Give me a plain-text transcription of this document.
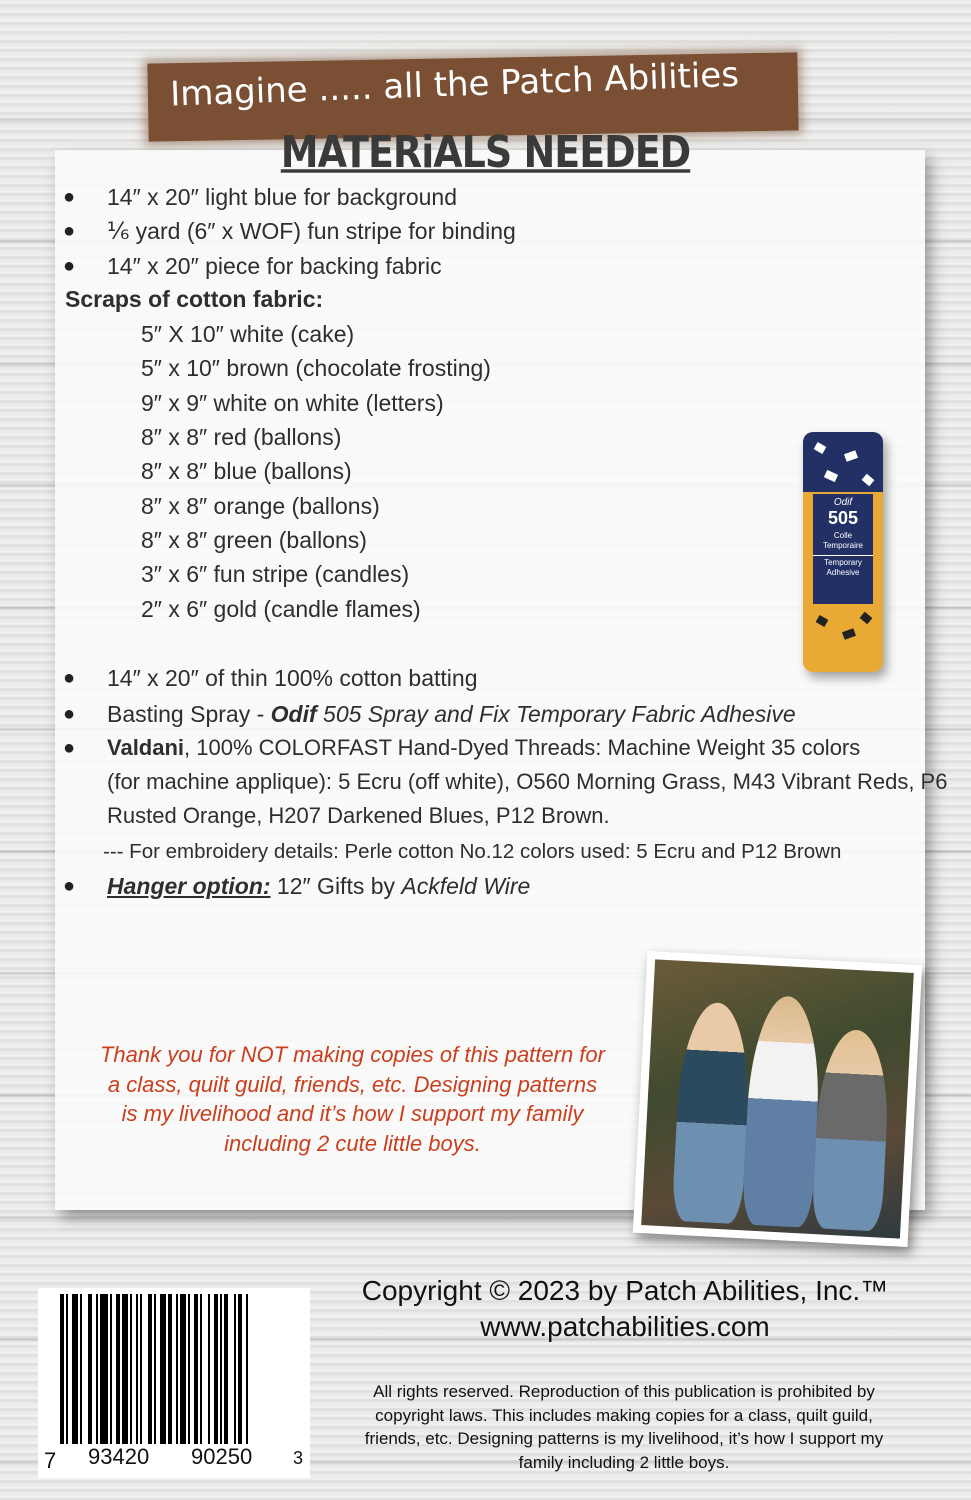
Imagine ..... all the Patch Abilities
MATERiALS NEEDED
● 14″ x 20″ light blue for background
● ⅙ yard (6″ x WOF) fun stripe for binding
● 14″ x 20″ piece for backing fabric
Scraps of cotton fabric:
5″ X 10″ white (cake)
5″ x 10″ brown (chocolate frosting)
9″ x 9″ white on white (letters)
8″ x 8″ red (ballons)
8″ x 8″ blue (ballons)
8″ x 8″ orange (ballons)
8″ x 8″ green (ballons)
3″ x 6″ fun stripe (candles)
2″ x 6″ gold (candle flames)
● 14″ x 20″ of thin 100% cotton batting
● Basting Spray - Odif 505 Spray and Fix Temporary Fabric Adhesive
● Valdani, 100% COLORFAST Hand-Dyed Threads: Machine Weight 35 colors
(for machine applique): 5 Ecru (off white), O560 Morning Grass, M43 Vibrant Reds, P6
Rusted Orange, H207 Darkened Blues, P12 Brown.
--- For embroidery details: Perle cotton No.12 colors used: 5 Ecru and P12 Brown
● Hanger option: 12″ Gifts by Ackfeld Wire
Odif
505
Colle Temporaire
Temporary Adhesive
Thank you for NOT making copies of this pattern for
a class, quilt guild, friends, etc. Designing patterns
is my livelihood and it’s how I support my family
including 2 cute little boys.
7 93420 90250 3
Copyright © 2023 by Patch Abilities, Inc.™
www.patchabilities.com
All rights reserved. Reproduction of this publication is prohibited by
copyright laws. This includes making copies for a class, quilt guild,
friends, etc. Designing patterns is my livelihood, it’s how I support my
family including 2 little boys.
